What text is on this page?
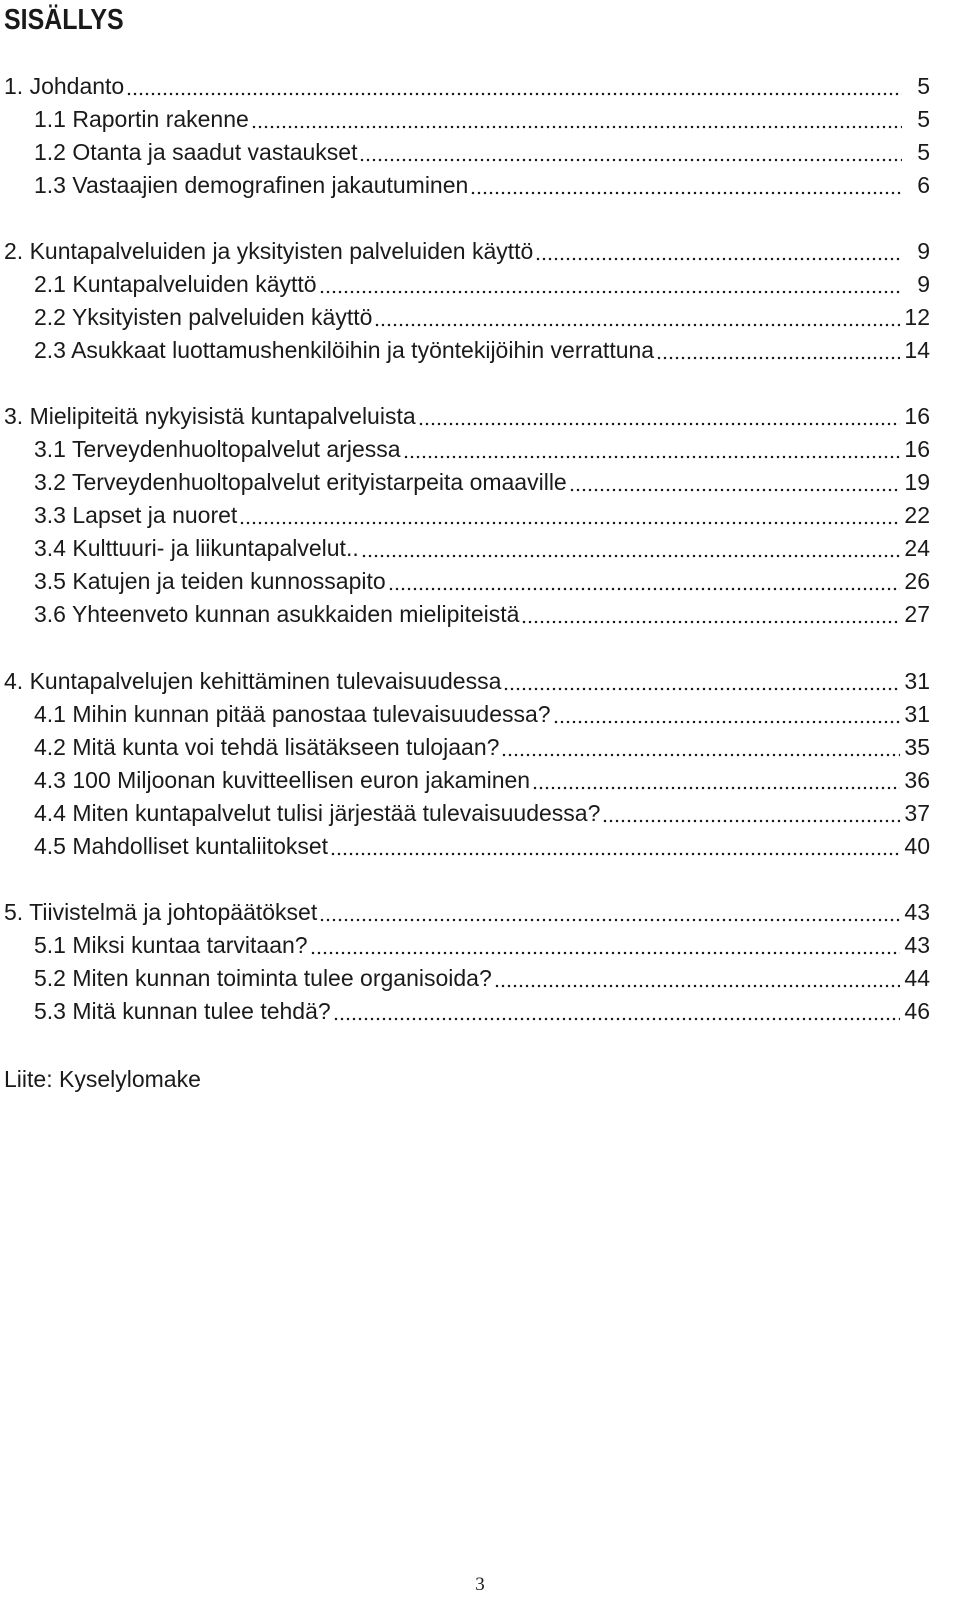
SISÄLLYS
1. Johdanto	5
1.1 Raportin rakenne	5
1.2 Otanta ja saadut vastaukset	5
1.3 Vastaajien demografinen jakautuminen	6
2. Kuntapalveluiden ja yksityisten palveluiden käyttö	9
2.1 Kuntapalveluiden käyttö	9
2.2 Yksityisten palveluiden käyttö	12
2.3 Asukkaat luottamushenkilöihin ja työntekijöihin verrattuna	14
3. Mielipiteitä nykyisistä kuntapalveluista	16
3.1 Terveydenhuoltopalvelut arjessa	16
3.2 Terveydenhuoltopalvelut erityistarpeita omaaville	19
3.3 Lapset ja nuoret	22
3.4 Kulttuuri- ja liikuntapalvelut..	24
3.5 Katujen ja teiden kunnossapito	26
3.6 Yhteenveto kunnan asukkaiden mielipiteistä	27
4. Kuntapalvelujen kehittäminen tulevaisuudessa	31
4.1 Mihin kunnan pitää panostaa tulevaisuudessa?	31
4.2 Mitä kunta voi tehdä lisätäkseen tulojaan?	35
4.3 100 Miljoonan kuvitteellisen euron jakaminen	36
4.4 Miten kuntapalvelut tulisi järjestää tulevaisuudessa?	37
4.5 Mahdolliset kuntaliitokset	40
5. Tiivistelmä ja johtopäätökset	43
5.1 Miksi kuntaa tarvitaan?	43
5.2 Miten kunnan toiminta tulee organisoida?	44
5.3 Mitä kunnan tulee tehdä?	46
Liite: Kyselylomake
3
